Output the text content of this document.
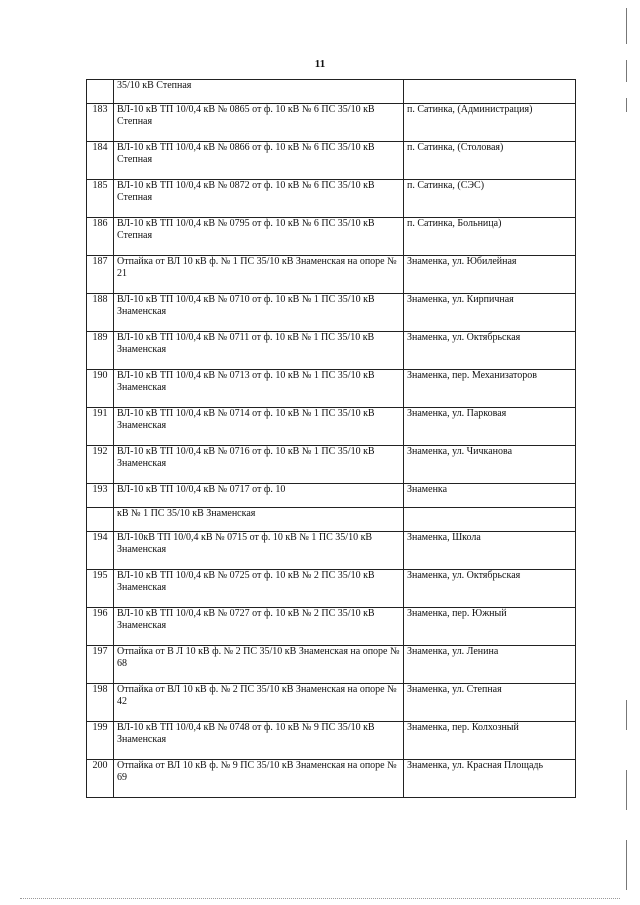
11
	35/10 кВ Степная	
183	ВЛ-10 кВ ТП 10/0,4 кВ № 0865 от ф. 10 кВ № 6 ПС 35/10 кВ Степная	п. Сатинка, (Администрация)
184	ВЛ-10 кВ ТП 10/0,4 кВ № 0866 от ф. 10 кВ № 6 ПС 35/10 кВ Степная	п. Сатинка, (Столовая)
185	ВЛ-10 кВ ТП 10/0,4 кВ № 0872 от ф. 10 кВ № 6 ПС 35/10 кВ Степная	п. Сатинка, (СЭС)
186	ВЛ-10 кВ ТП 10/0,4 кВ № 0795 от ф. 10 кВ № 6 ПС 35/10 кВ Степная	п. Сатинка, Больница)
187	Отпайка от ВЛ 10 кВ ф. № 1 ПС 35/10 кВ Знаменская на опоре № 21	Знаменка, ул. Юбилейная
188	ВЛ-10 кВ ТП 10/0,4 кВ № 0710 от ф. 10 кВ № 1 ПС 35/10 кВ Знаменская	Знаменка, ул. Кирпичная
189	ВЛ-10 кВ ТП 10/0,4 кВ № 0711 от ф. 10 кВ № 1 ПС 35/10 кВ Знаменская	Знаменка, ул. Октябрьская
190	ВЛ-10 кВ ТП 10/0,4 кВ № 0713 от ф. 10 кВ № 1 ПС 35/10 кВ Знаменская	Знаменка, пер. Механизаторов
191	ВЛ-10 кВ ТП 10/0,4 кВ № 0714 от ф. 10 кВ № 1 ПС 35/10 кВ Знаменская	Знаменка, ул. Парковая
192	ВЛ-10 кВ ТП 10/0,4 кВ № 0716 от ф. 10 кВ № 1 ПС 35/10 кВ Знаменская	Знаменка, ул. Чичканова
193	ВЛ-10 кВ ТП 10/0,4 кВ № 0717 от ф. 10	Знаменка
	кВ № 1 ПС 35/10 кВ Знаменская	
194	ВЛ-10кВ ТП 10/0,4 кВ № 0715 от ф. 10 кВ № 1 ПС 35/10 кВ Знаменская	Знаменка, Школа
195	ВЛ-10 кВ ТП 10/0,4 кВ № 0725 от ф. 10 кВ № 2 ПС 35/10 кВ Знаменская	Знаменка, ул. Октябрьская
196	ВЛ-10 кВ ТП 10/0,4 кВ № 0727 от ф. 10 кВ № 2 ПС 35/10 кВ Знаменская	Знаменка, пер. Южный
197	Отпайка от В Л 10 кВ ф. № 2 ПС 35/10 кВ Знаменская на опоре № 68	Знаменка, ул. Ленина
198	Отпайка от ВЛ 10 кВ ф. № 2 ПС 35/10 кВ Знаменская на опоре № 42	Знаменка, ул. Степная
199	ВЛ-10 кВ ТП 10/0,4 кВ № 0748 от ф. 10 кВ № 9 ПС 35/10 кВ Знаменская	Знаменка, пер. Колхозный
200	Отпайка от ВЛ 10 кВ ф. № 9 ПС 35/10 кВ Знаменская на опоре № 69	Знаменка, ул. Красная Площадь
